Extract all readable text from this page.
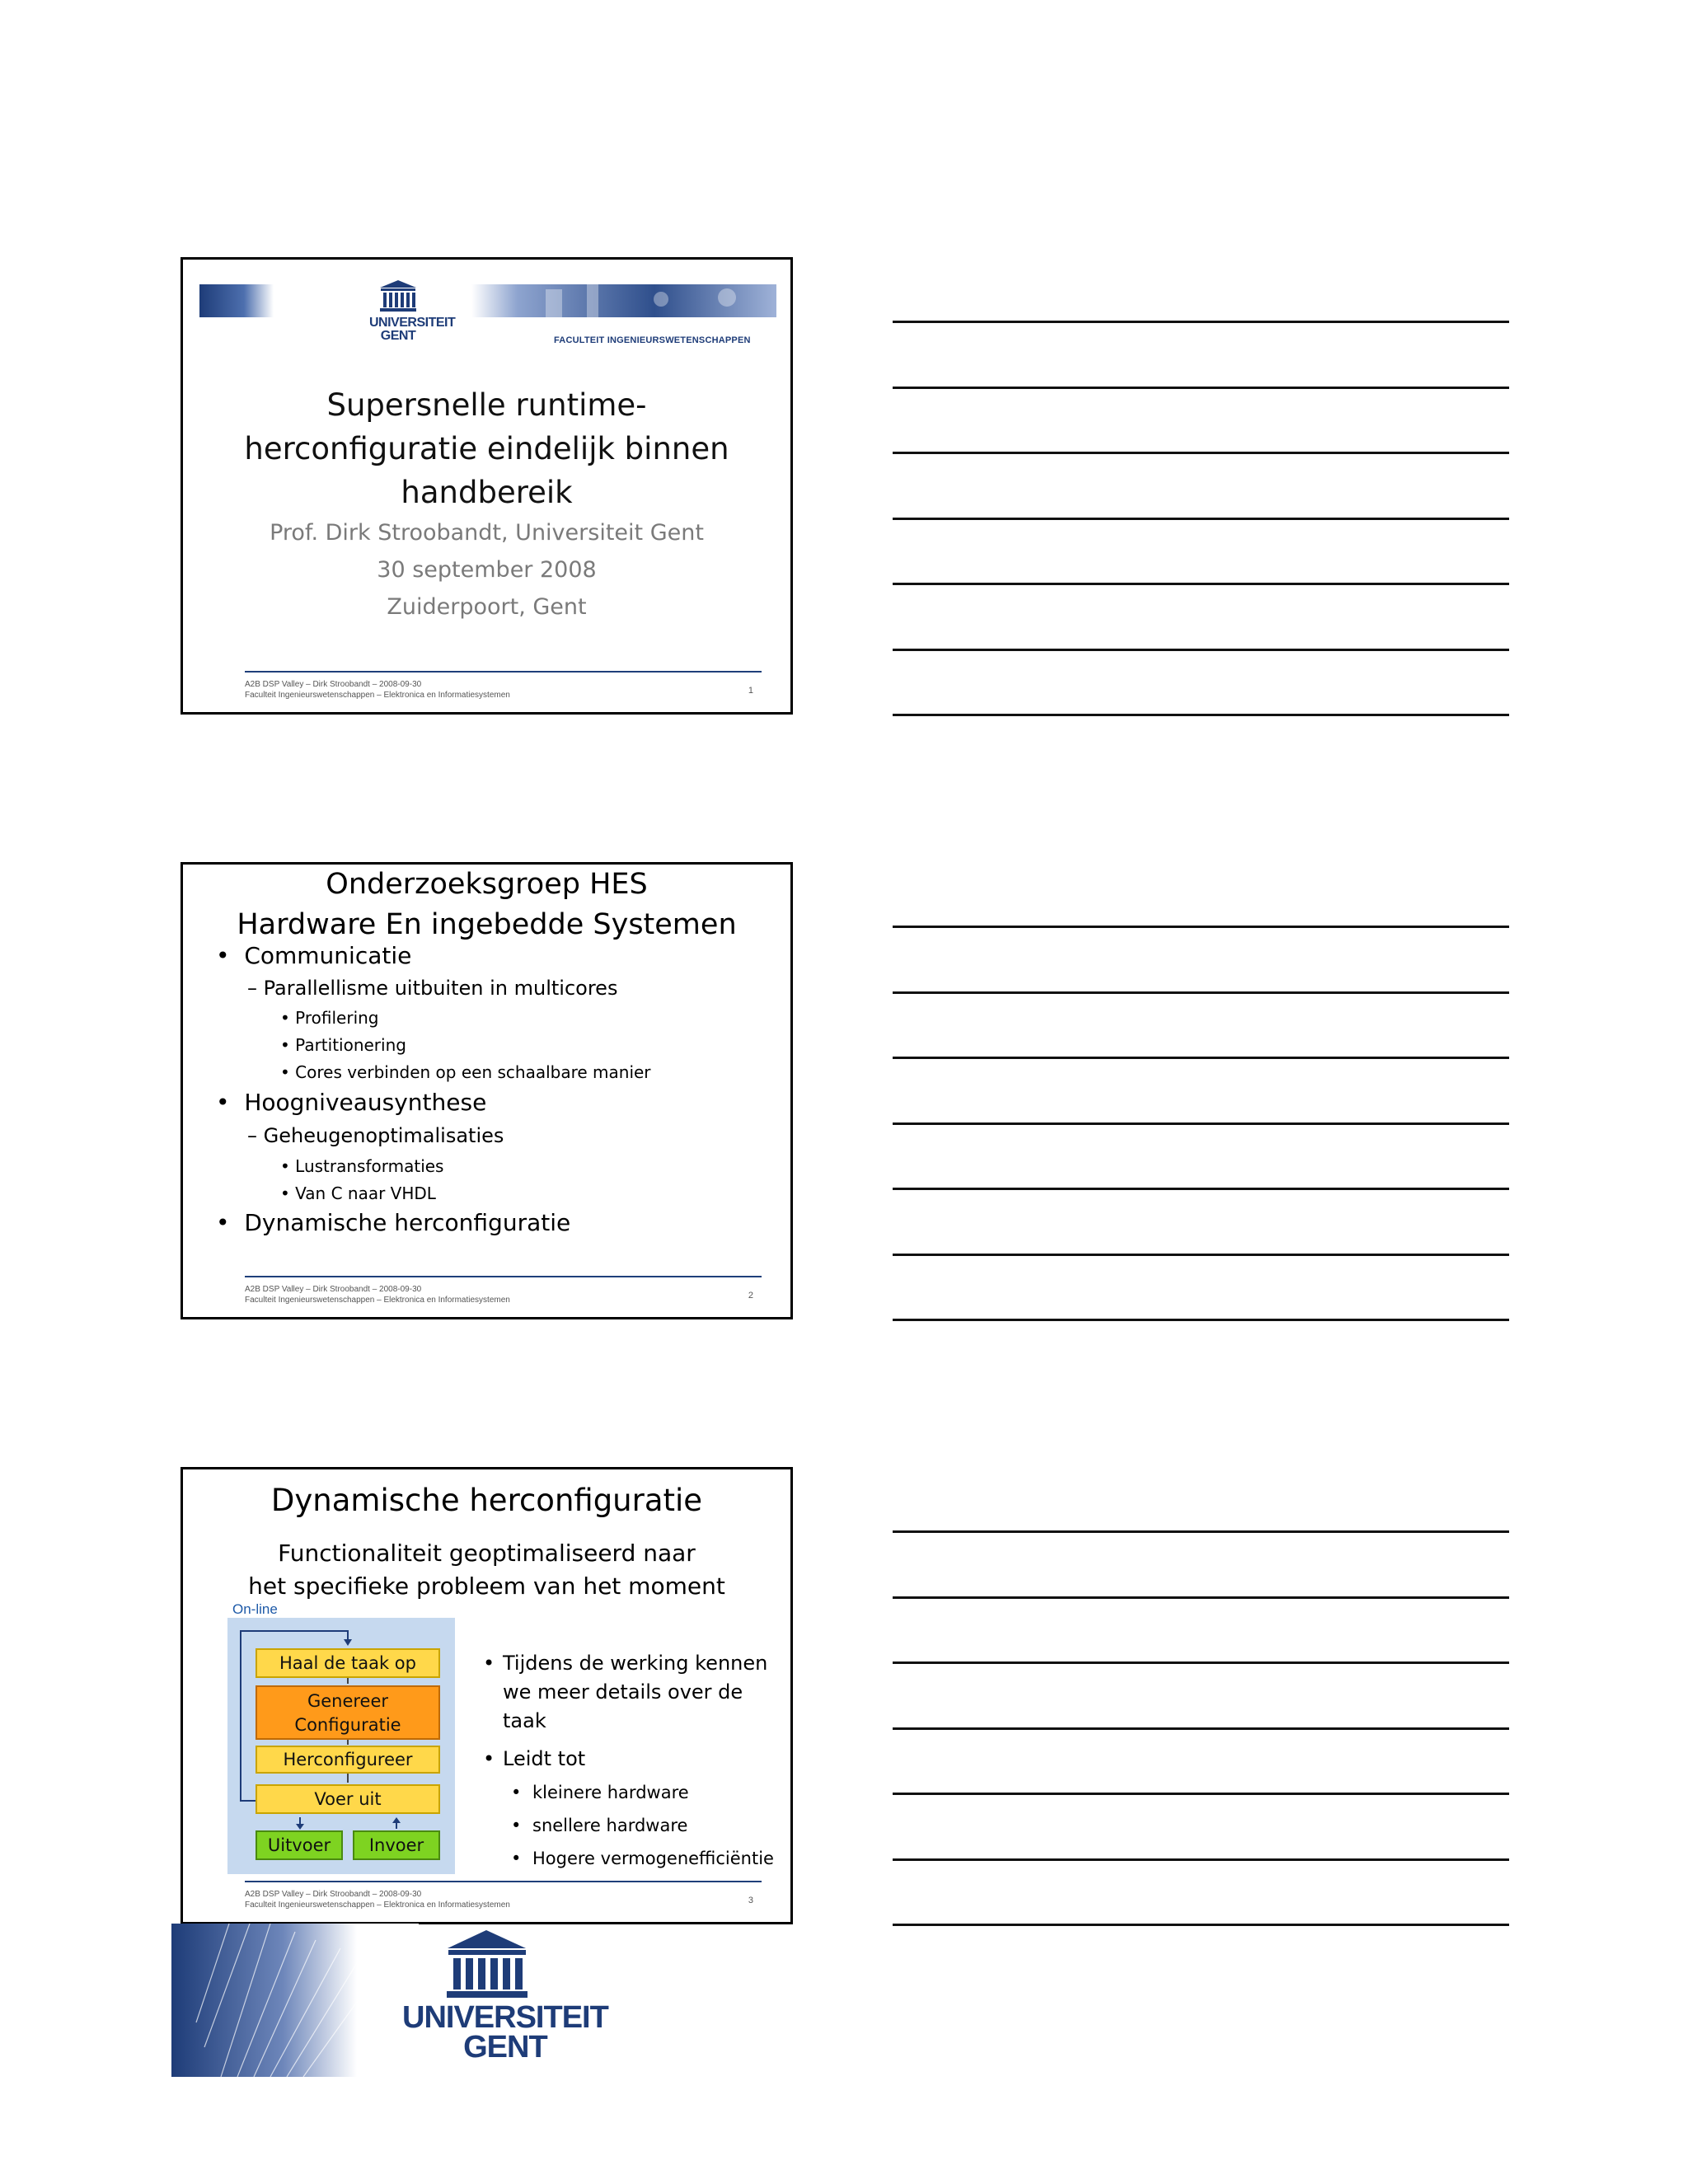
UNIVERSITEIT
GENT	FACULTEIT INGENIEURSWETENSCHAPPEN
Supersnelle runtime-
herconfiguratie eindelijk binnen
handbereik
Prof. Dirk Stroobandt, Universiteit Gent
30 september 2008
Zuiderpoort, Gent
A2B DSP Valley – Dirk Stroobandt – 2008-09-30
Faculteit Ingenieurswetenschappen – Elektronica en Informatiesystemen	1
Onderzoeksgroep HES
Hardware En ingebedde Systemen
• Communicatie
– Parallellisme uitbuiten in multicores
• Profilering
• Partitionering
• Cores verbinden op een schaalbare manier
• Hoogniveausynthese
– Geheugenoptimalisaties
• Lustransformaties
• Van C naar VHDL
• Dynamische herconfiguratie
A2B DSP Valley – Dirk Stroobandt – 2008-09-30
Faculteit Ingenieurswetenschappen – Elektronica en Informatiesystemen	2
Dynamische herconfiguratie
Functionaliteit geoptimaliseerd naar
het specifieke probleem van het moment
On-line
Haal de taak op
Genereer
Configuratie
Herconfigureer
Voer uit
Uitvoer	Invoer
• Tijdens de werking kennen
we meer details over de
taak
• Leidt tot
• kleinere hardware
• snellere hardware
• Hogere vermogenefficiëntie
A2B DSP Valley – Dirk Stroobandt – 2008-09-30
Faculteit Ingenieurswetenschappen – Elektronica en Informatiesystemen	3
UNIVERSITEIT
GENT
